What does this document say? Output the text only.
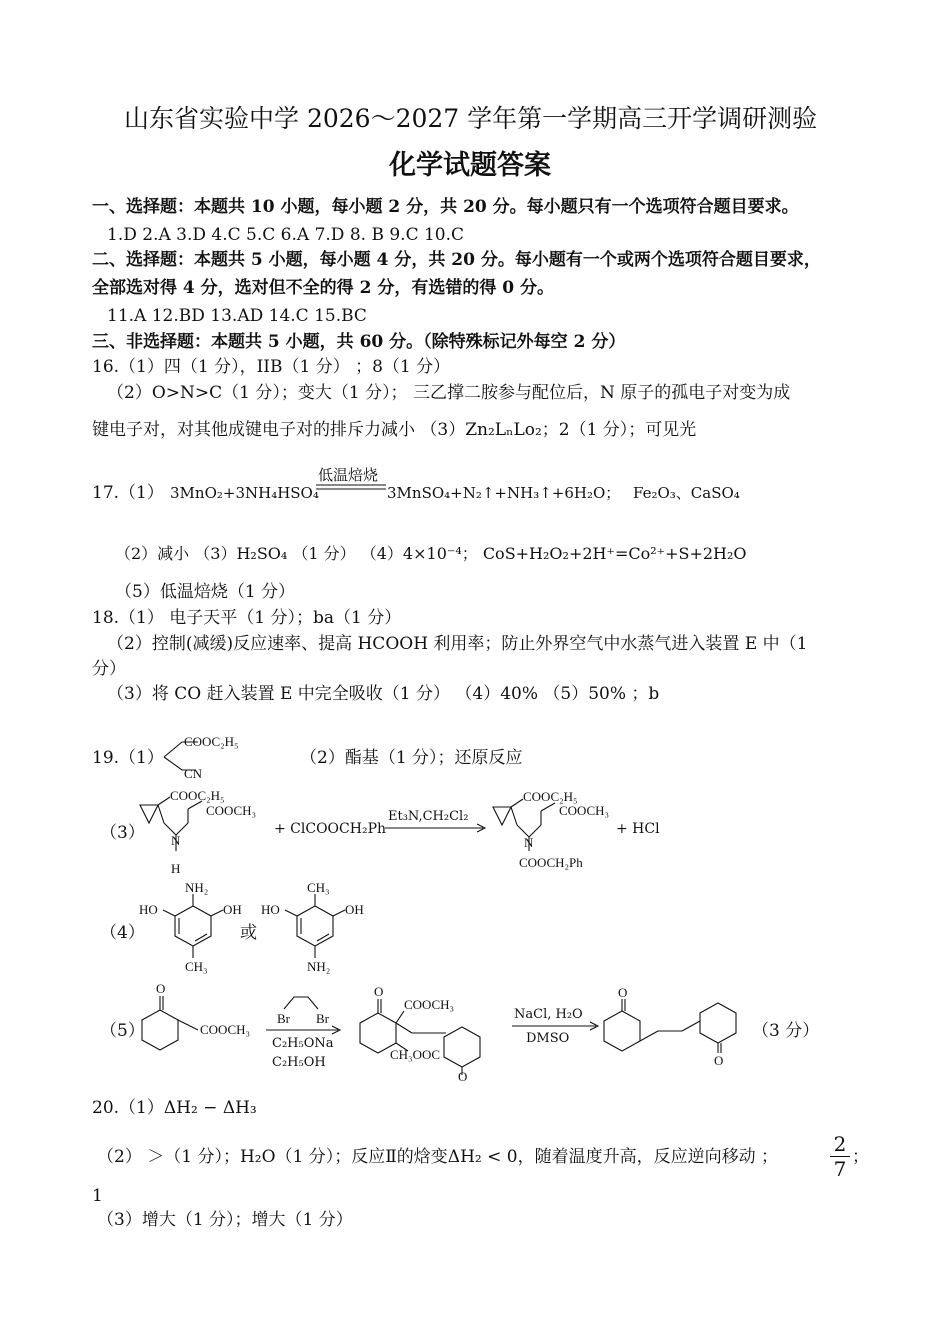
山东省实验中学 2026～2027 学年第一学期高三开学调研测验
化学试题答案
一、选择题：本题共 10 小题，每小题 2 分，共 20 分。每小题只有一个选项符合题目要求。
1.D 2.A 3.D 4.C 5.C 6.A 7.D 8. B 9.C 10.C
二、选择题：本题共 5 小题，每小题 4 分，共 20 分。每小题有一个或两个选项符合题目要求，
全部选对得 4 分，选对但不全的得 2 分，有选错的得 0 分。
11.A 12.BD 13.AD 14.C 15.BC
三、非选择题：本题共 5 小题，共 60 分。（除特殊标记外每空 2 分）
16.（1）四（1 分），IIB（1 分） ；8（1 分）
（2）O>N>C（1 分）；变大（1 分）； 三乙撑二胺参与配位后，N 原子的孤电子对变为成
键电子对，对其他成键电子对的排斥力减小 （3）Zn₂LₙLo₂；2（1 分）；可见光
17.（1） 3MnO₂+3NH₄HSO₄
低温焙烧
3MnSO₄+N₂↑+NH₃↑+6H₂O； Fe₂O₃、CaSO₄
（2）减小 （3）H₂SO₄ （1 分） （4）4×10⁻⁴； CoS+H₂O₂+2H⁺=Co²⁺+S+2H₂O
（5）低温焙烧（1 分）
18.（1） 电子天平（1 分）；ba（1 分）
（2）控制(减缓)反应速率、提高 HCOOH 利用率；防止外界空气中水蒸气进入装置 E 中（1
分）
（3）将 CO 赶入装置 E 中完全吸收（1 分） （4）40% （5）50% ；b
19.（1）
COOC₂H₅
CN
（2）酯基（1 分）；还原反应
（3）
COOC₂H₅
COOCH₃
N
H
+ ClCOOCH₂Ph
Et₃N,CH₂Cl₂
COOC₂H₅
COOCH₃
N
COOCH₂Ph
+ HCl
（4）
NH₂
HO	OH
CH₃
或
CH₃
HO	OH
NH₂
（5）
O
COOCH₃
Br Br
C₂H₅ONa
C₂H₅OH
O
COOCH₃
CH₃OOC
O
NaCl, H₂O
DMSO
O
O
（3 分）
20.（1）ΔH₂ − ΔH₃
（2） ＞（1 分）；H₂O（1 分）；反应Ⅱ的焓变ΔH₂ < 0，随着温度升高，反应逆向移动 ；	$\frac{2}{7}$ ；
1
（3）增大（1 分）；增大（1 分）
